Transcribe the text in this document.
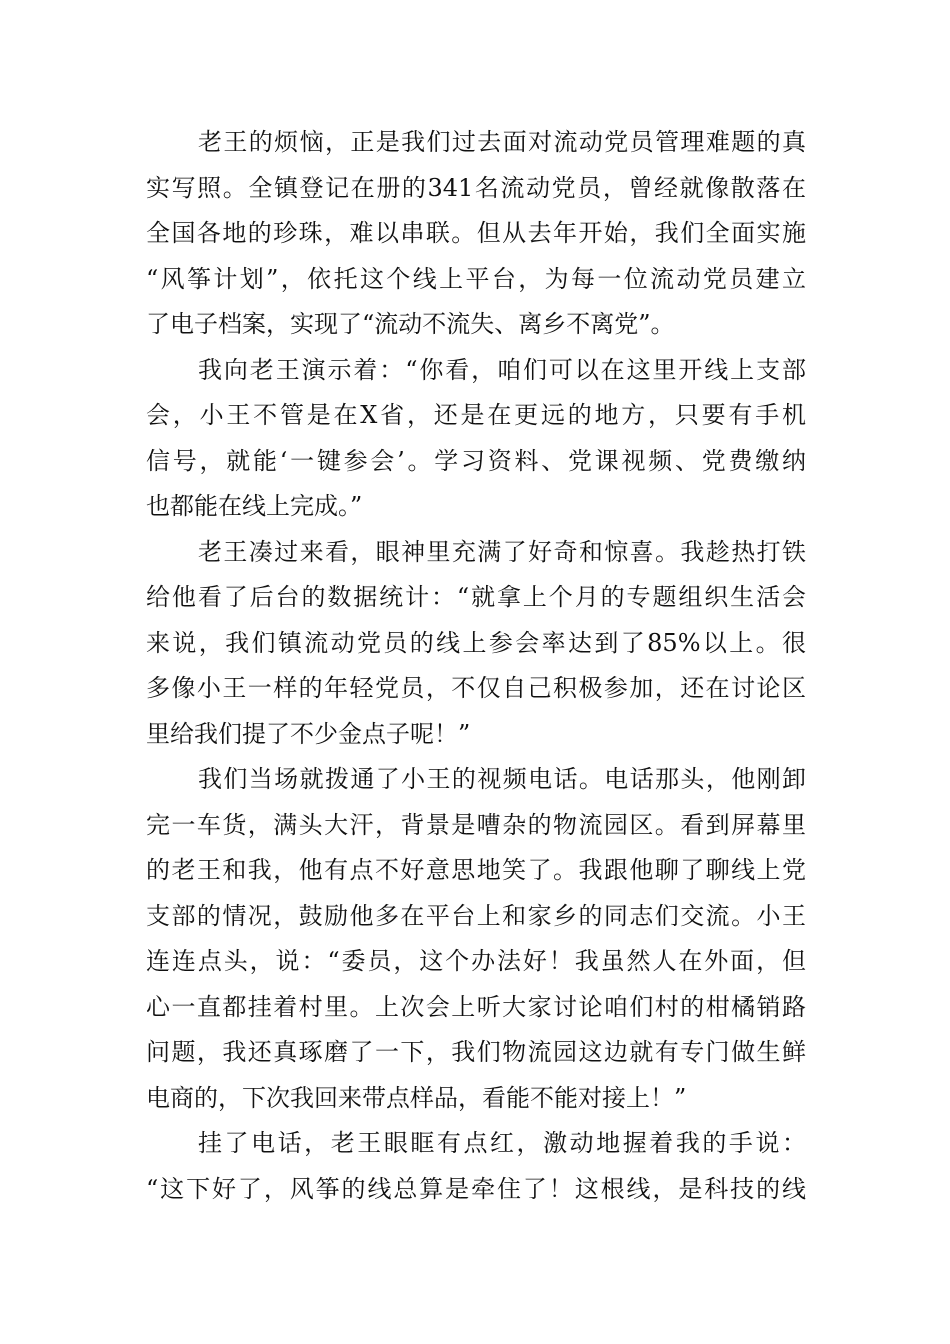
老王的烦恼，正是我们过去面对流动党员管理难题的真
实写照。全镇登记在册的341名流动党员，曾经就像散落在
全国各地的珍珠，难以串联。但从去年开始，我们全面实施
“风筝计划”，依托这个线上平台，为每一位流动党员建立
了电子档案，实现了“流动不流失、离乡不离党”。
我向老王演示着：“你看，咱们可以在这里开线上支部
会，小王不管是在X省，还是在更远的地方，只要有手机
信号，就能‘一键参会’。学习资料、党课视频、党费缴纳
也都能在线上完成。”
老王凑过来看，眼神里充满了好奇和惊喜。我趁热打铁
给他看了后台的数据统计：“就拿上个月的专题组织生活会
来说，我们镇流动党员的线上参会率达到了85%以上。很
多像小王一样的年轻党员，不仅自己积极参加，还在讨论区
里给我们提了不少金点子呢！”
我们当场就拨通了小王的视频电话。电话那头，他刚卸
完一车货，满头大汗，背景是嘈杂的物流园区。看到屏幕里
的老王和我，他有点不好意思地笑了。我跟他聊了聊线上党
支部的情况，鼓励他多在平台上和家乡的同志们交流。小王
连连点头，说：“委员，这个办法好！我虽然人在外面，但
心一直都挂着村里。上次会上听大家讨论咱们村的柑橘销路
问题，我还真琢磨了一下，我们物流园这边就有专门做生鲜
电商的，下次我回来带点样品，看能不能对接上！”
挂了电话，老王眼眶有点红，激动地握着我的手说：
“这下好了，风筝的线总算是牵住了！这根线，是科技的线
